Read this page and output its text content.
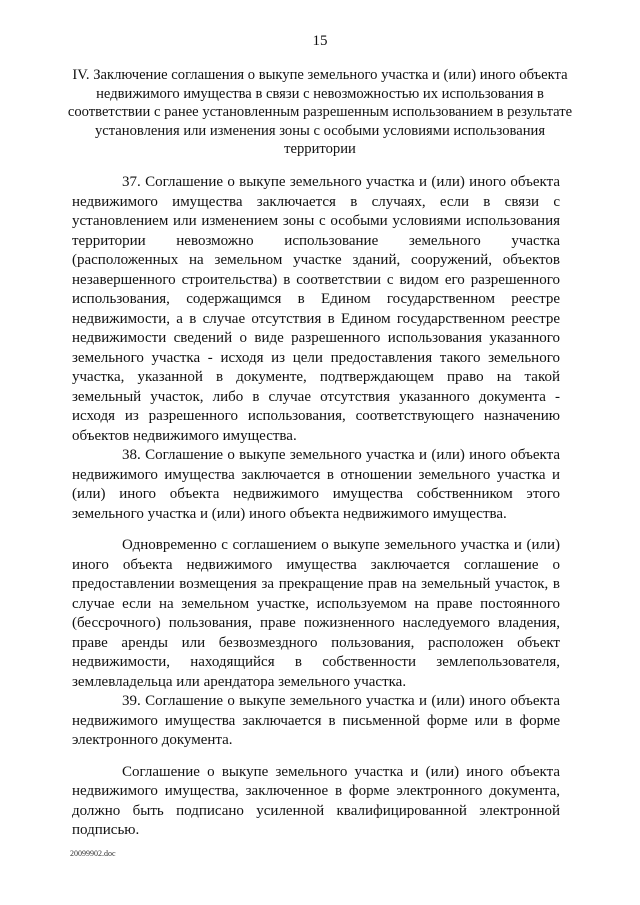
15
IV. Заключение соглашения о выкупе земельного участка и (или) иного объекта недвижимого имущества в связи с невозможностью их использования в соответствии с ранее установленным разрешенным использованием в результате установления или изменения зоны с особыми условиями использования территории

37. Соглашение о выкупе земельного участка и (или) иного объекта недвижимого имущества заключается в случаях, если в связи с установлением или изменением зоны с особыми условиями использования территории невозможно использование земельного участка (расположенных на земельном участке зданий, сооружений, объектов незавершенного строительства) в соответствии с видом его разрешенного использования, содержащимся в Едином государственном реестре недвижимости, а в случае отсутствия в Едином государственном реестре недвижимости сведений о виде разрешенного использования указанного земельного участка - исходя из цели предоставления такого земельного участка, указанной в документе, подтверждающем право на такой земельный участок, либо в случае отсутствия указанного документа - исходя из разрешенного использования, соответствующего назначению объектов недвижимого имущества.

38. Соглашение о выкупе земельного участка и (или) иного объекта недвижимого имущества заключается в отношении земельного участка и (или) иного объекта недвижимого имущества собственником этого земельного участка и (или) иного объекта недвижимого имущества.

Одновременно с соглашением о выкупе земельного участка и (или) иного объекта недвижимого имущества заключается соглашение о предоставлении возмещения за прекращение прав на земельный участок, в случае если на земельном участке, используемом на праве постоянного (бессрочного) пользования, праве пожизненного наследуемого владения, праве аренды или безвозмездного пользования, расположен объект недвижимости, находящийся в собственности землепользователя, землевладельца или арендатора земельного участка.

39. Соглашение о выкупе земельного участка и (или) иного объекта недвижимого имущества заключается в письменной форме или в форме электронного документа.

Соглашение о выкупе земельного участка и (или) иного объекта недвижимого имущества, заключенное в форме электронного документа, должно быть подписано усиленной квалифицированной электронной подписью.

20099902.doc
